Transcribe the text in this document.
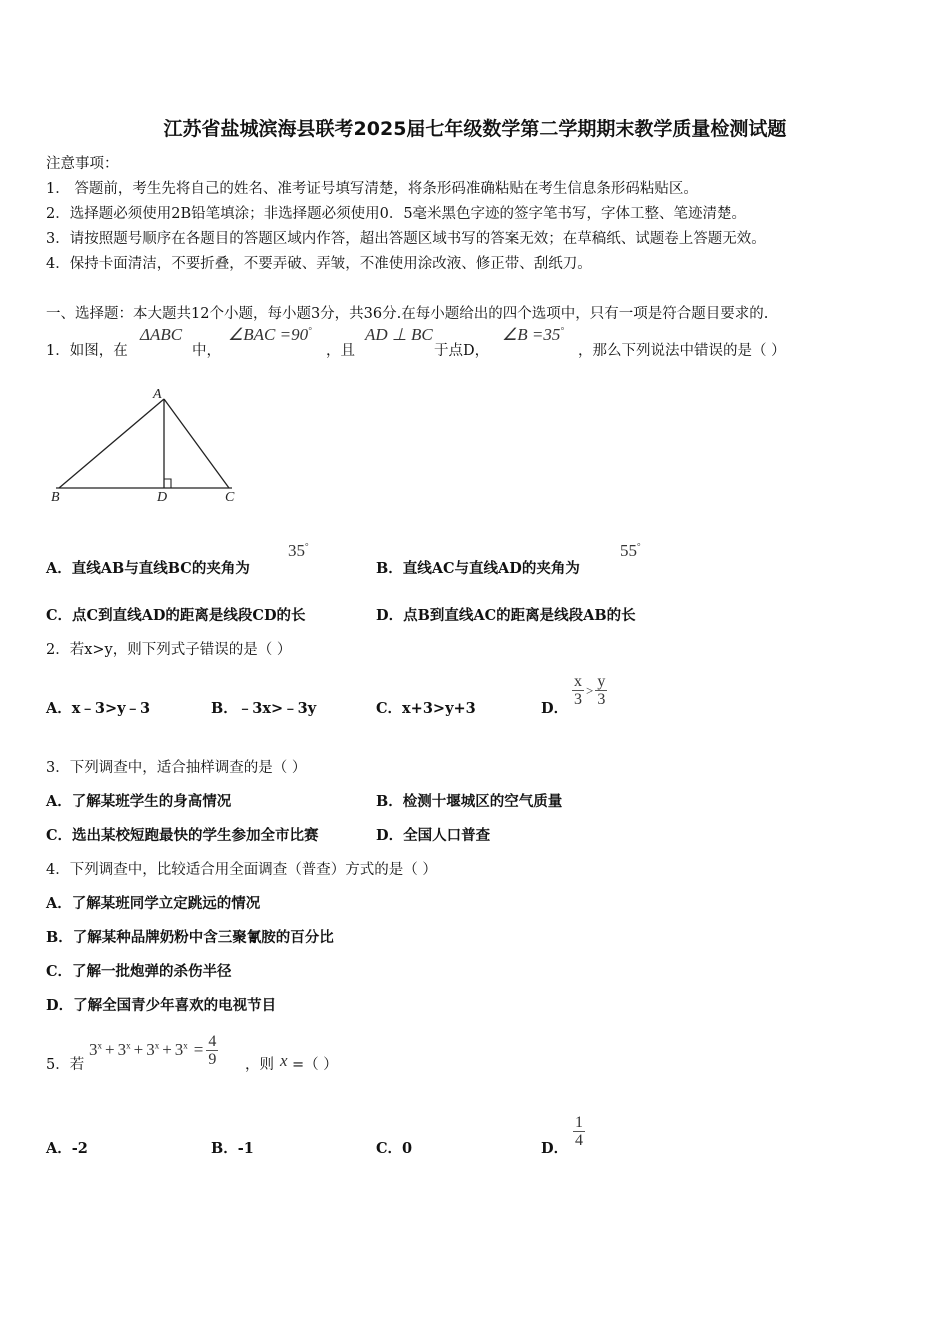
江苏省盐城滨海县联考2025届七年级数学第二学期期末教学质量检测试题
注意事项：
1． 答题前，考生先将自己的姓名、准考证号填写清楚，将条形码准确粘贴在考生信息条形码粘贴区。
2．选择题必须使用2B铅笔填涂；非选择题必须使用0．5毫米黑色字迹的签字笔书写，字体工整、笔迹清楚。
3．请按照题号顺序在各题目的答题区域内作答，超出答题区域书写的答案无效；在草稿纸、试题卷上答题无效。
4．保持卡面清洁，不要折叠，不要弄破、弄皱，不准使用涂改液、修正带、刮纸刀。
一、选择题：本大题共12个小题，每小题3分，共36分.在每小题给出的四个选项中，只有一项是符合题目要求的.
1．如图，在
ΔABC
中，
∠BAC =90°
，且
AD ⊥ BC
于点D，
∠B =35°
，那么下列说法中错误的是（ ）
A
B	D	C
A．直线AB与直线BC的夹角为
35°
B．直线AC与直线AD的夹角为
55°
C．点C到直线AD的距离是线段CD的长	D．点B到直线AC的距离是线段AB的长
2．若x>y，则下列式子错误的是（ ）
A．x﹣3>y﹣3	B．﹣3x>﹣3y	C．x+3>y+3	D．
$\frac{x}{3} > \frac{y}{3}$
3．下列调查中，适合抽样调查的是（ ）
A．了解某班学生的身高情况	B．检测十堰城区的空气质量
C．选出某校短跑最快的学生参加全市比赛	D．全国人口普查
4．下列调查中，比较适合用全面调查（普查）方式的是（ ）
A．了解某班同学立定跳远的情况
B．了解某种品牌奶粉中含三聚氰胺的百分比
C．了解一批炮弹的杀伤半径
D．了解全国青少年喜欢的电视节目
5．若
$3^x + 3^x + 3^x + 3^x = \frac{4}{9}$ ，则 x =（ ）
A．-2	B．-1	C．0	D． $\frac{1}{4}$
